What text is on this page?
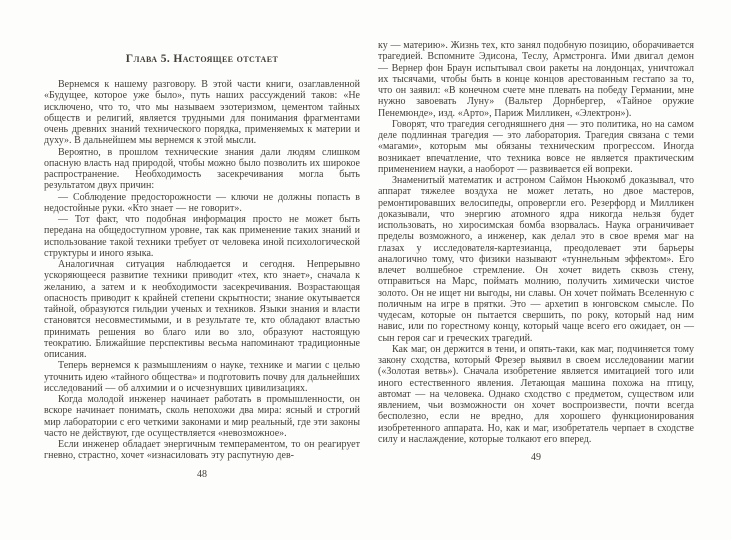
Глава 5. Настоящее отстает

Вернемся к нашему разговору. В этой части книги, озаглавленной «Будущее, которое уже было», путь наших рассуждений таков: «Не исключено, что то, что мы называем эзотеризмом, цементом тайных обществ и религий, является трудными для понимания фрагментами очень древних знаний технического порядка, применяемых к материи и духу». В дальнейшем мы вернемся к этой мысли.

Вероятно, в прошлом технические знания дали людям слишком опасную власть над природой, чтобы можно было позволить их широкое распространение. Необходимость засекречивания могла быть результатом двух причин:

— Соблюдение предосторожности — ключи не должны попасть в недостойные руки. «Кто знает — не говорит».

— Тот факт, что подобная информация просто не может быть передана на общедоступном уровне, так как применение таких знаний и использование такой техники требует от человека иной психологической структуры и иного языка.

Аналогичная ситуация наблюдается и сегодня. Непрерывно ускоряющееся развитие техники приводит «тех, кто знает», сначала к желанию, а затем и к необходимости засекречивания. Возрастающая опасность приводит к крайней степени скрытности; знание окутывается тайной, образуются гильдии ученых и техников. Языки знания и власти становятся несовместимыми, и в результате те, кто обладают властью принимать решения во благо или во зло, образуют настоящую теократию. Ближайшие перспективы весьма напоминают традиционные описания.

Теперь вернемся к размышлениям о науке, технике и магии с целью уточнить идею «тайного общества» и подготовить почву для дальнейших исследований — об алхимии и о исчезнувших цивилизациях.

Когда молодой инженер начинает работать в промышленности, он вскоре начинает понимать, сколь непохожи два мира: ясный и строгий мир лаборатории с его четкими законами и мир реальный, где эти законы часто не действуют, где осуществляется «невозможное».

Если инженер обладает энергичным темпераментом, то он реагирует гневно, страстно, хочет «изнасиловать эту распутную дев-

48

ку — материю». Жизнь тех, кто занял подобную позицию, оборачивается трагедией. Вспомните Эдисона, Теслу, Армстронга. Ими двигал демон — Вернер фон Браун испытывал свои ракеты на лондонцах, уничтожал их тысячами, чтобы быть в конце концов арестованным гестапо за то, что он заявил: «В конечном счете мне плевать на победу Германии, мне нужно завоевать Луну» (Вальтер Дорнбергер, «Тайное оружие Пенемюнде», изд. «Арто», Париж Милликен, «Электрон»).

Говорят, что трагедия сегодняшнего дня — это политика, но на самом деле подлинная трагедия — это лаборатория. Трагедия связана с теми «магами», которым мы обязаны техническим прогрессом. Иногда возникает впечатление, что техника вовсе не является практическим применением науки, а наоборот — развивается ей вопреки.

Знаменитый математик и астроном Саймон Ньюкомб доказывал, что аппарат тяжелее воздуха не может летать, но двое мастеров, ремонтировавших велосипеды, опровергли его. Резерфорд и Милликен доказывали, что энергию атомного ядра никогда нельзя будет использовать, но хиросимская бомба взорвалась. Наука ограничивает пределы возможного, а инженер, как делал это в свое время маг на глазах у исследователя-картезианца, преодолевает эти барьеры аналогично тому, что физики называют «туннельным эффектом». Его влечет волшебное стремление. Он хочет видеть сквозь стену, отправиться на Марс, поймать молнию, получить химически чистое золото. Он не ищет ни выгоды, ни славы. Он хочет поймать Вселенную с поличным на игре в прятки. Это — архетип в юнговском смысле. По чудесам, которые он пытается свершить, по року, который над ним навис, или по горестному концу, который чаще всего его ожидает, он — сын героя саг и греческих трагедий.

Как маг, он держится в тени, и опять-таки, как маг, подчиняется тому закону сходства, который Фрезер выявил в своем исследовании магии («Золотая ветвь»). Сначала изобретение является имитацией того или иного естественного явления. Летающая машина похожа на птицу, автомат — на человека. Однако сходство с предметом, существом или явлением, чьи возможности он хочет воспроизвести, почти всегда бесполезно, если не вредно, для хорошего функционирования изобретенного аппарата. Но, как и маг, изобретатель черпает в сходстве силу и наслаждение, которые толкают его вперед.

49
